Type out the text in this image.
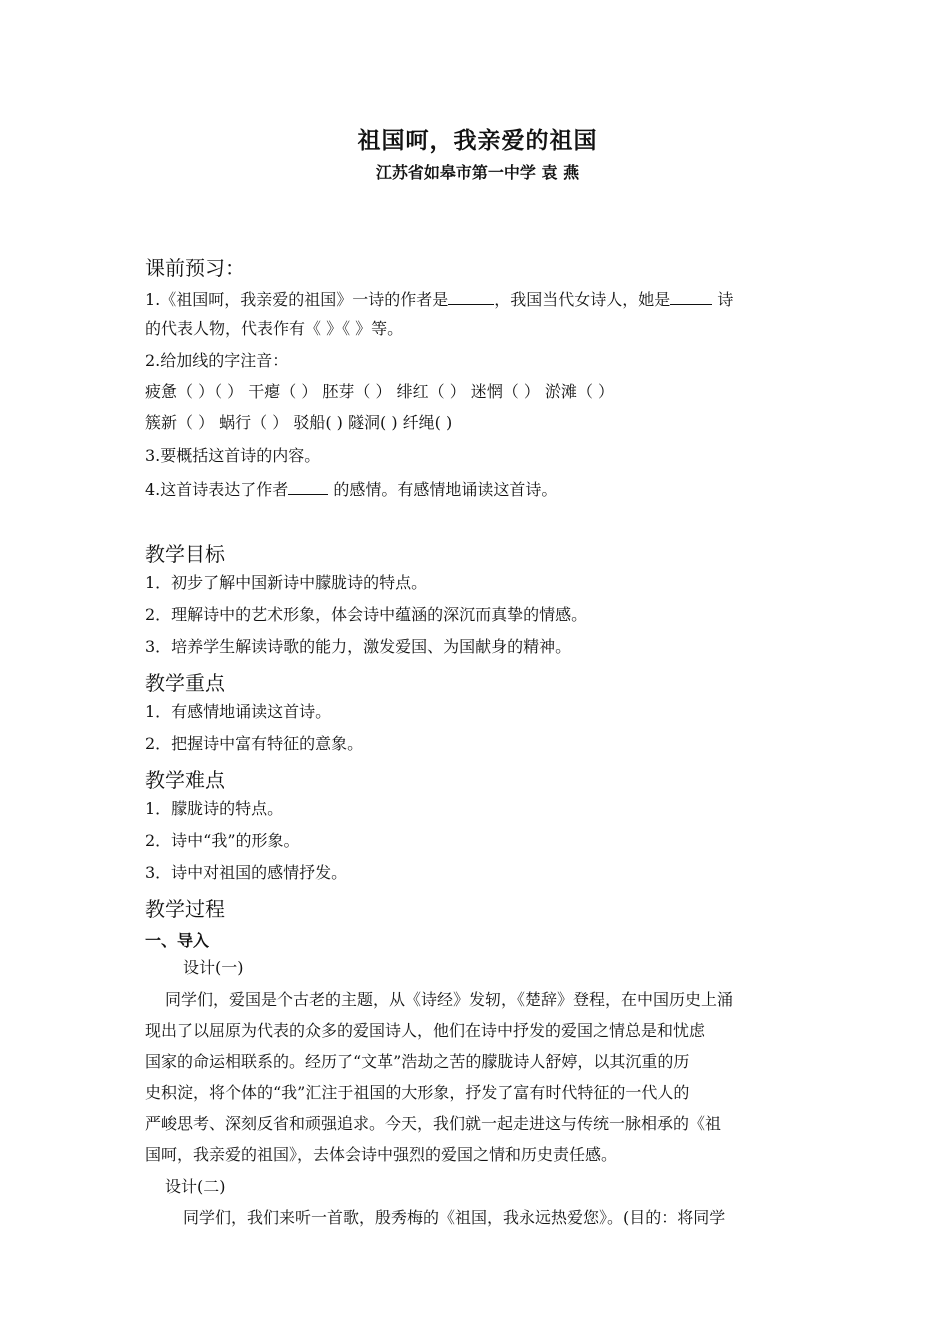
祖国呵，我亲爱的祖国
江苏省如皋市第一中学 袁 燕
课前预习：
1.《祖国呵，我亲爱的祖国》一诗的作者是	，我国当代女诗人，她是	诗
的代表人物，代表作有《 》《 》等。
2.给加线的字注音：
疲惫（ ）（ ） 干瘪（ ） 胚芽（ ） 绯红（ ） 迷惘（ ） 淤滩（ ）
簇新（ ） 蜗行（ ） 驳船( ) 隧洞( ) 纤绳( )
3.要概括这首诗的内容。
4.这首诗表达了作者	的感情。有感情地诵读这首诗。
教学目标
1．初步了解中国新诗中朦胧诗的特点。
2．理解诗中的艺术形象，体会诗中蕴涵的深沉而真挚的情感。
3．培养学生解读诗歌的能力，激发爱国、为国献身的精神。
教学重点
1．有感情地诵读这首诗。
2．把握诗中富有特征的意象。
教学难点
1．朦胧诗的特点。
2．诗中“我”的形象。
3．诗中对祖国的感情抒发。
教学过程
一、导入
设计(一)
同学们，爱国是个古老的主题，从《诗经》发轫，《楚辞》登程，在中国历史上涌
现出了以屈原为代表的众多的爱国诗人，他们在诗中抒发的爱国之情总是和忧虑
国家的命运相联系的。经历了“文革”浩劫之苦的朦胧诗人舒婷，以其沉重的历
史积淀，将个体的“我”汇注于祖国的大形象，抒发了富有时代特征的一代人的
严峻思考、深刻反省和顽强追求。今天，我们就一起走进这与传统一脉相承的《祖
国呵，我亲爱的祖国》，去体会诗中强烈的爱国之情和历史责任感。
设计(二)
同学们，我们来听一首歌，殷秀梅的《祖国，我永远热爱您》。(目的：将同学
